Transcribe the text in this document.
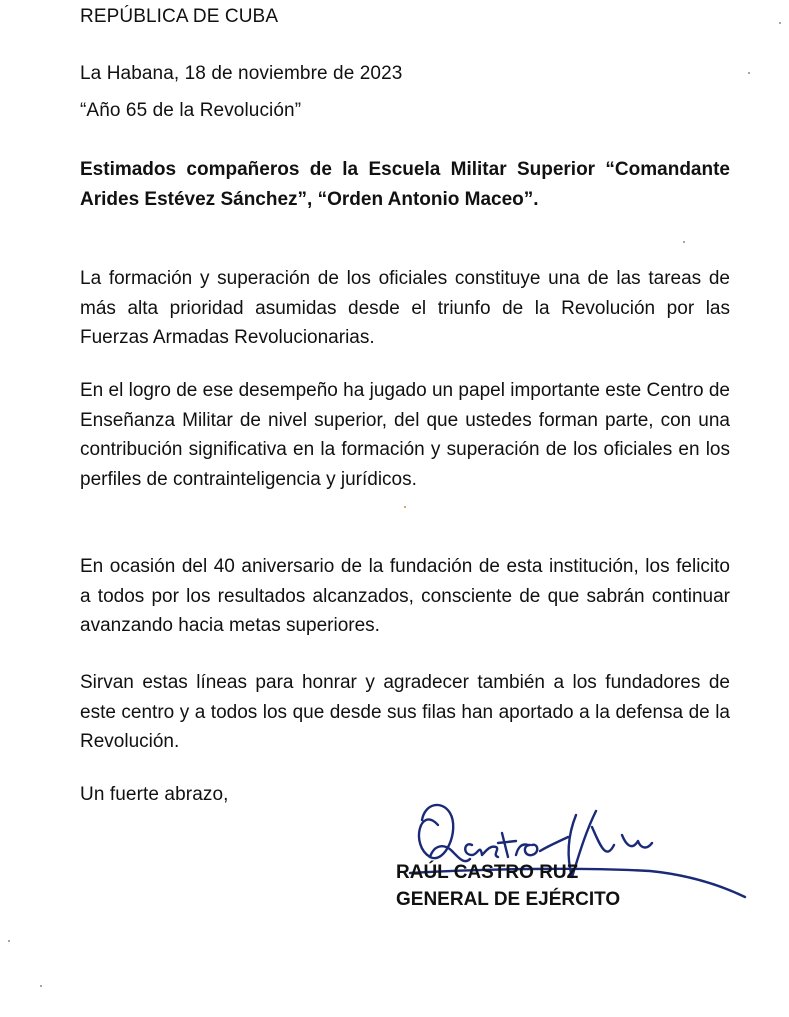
REPÚBLICA DE CUBA
La Habana, 18 de noviembre de 2023
“Año 65 de la Revolución”
Estimados compañeros de la Escuela Militar Superior “Comandante Arides Estévez Sánchez”, “Orden Antonio Maceo”.
La formación y superación de los oficiales constituye una de las tareas de más alta prioridad asumidas desde el triunfo de la Revolución por las Fuerzas Armadas Revolucionarias.
En el logro de ese desempeño ha jugado un papel importante este Centro de Enseñanza Militar de nivel superior, del que ustedes forman parte, con una contribución significativa en la formación y superación de los oficiales en los perfiles de contrainteligencia y jurídicos.
En ocasión del 40 aniversario de la fundación de esta institución, los felicito a todos por los resultados alcanzados, consciente de que sabrán continuar avanzando hacia metas superiores.
Sirvan estas líneas para honrar y agradecer también a los fundadores de este centro y a todos los que desde sus filas han aportado a la defensa de la Revolución.
Un fuerte abrazo,
RAÚL CASTRO RUZ
GENERAL DE EJÉRCITO
